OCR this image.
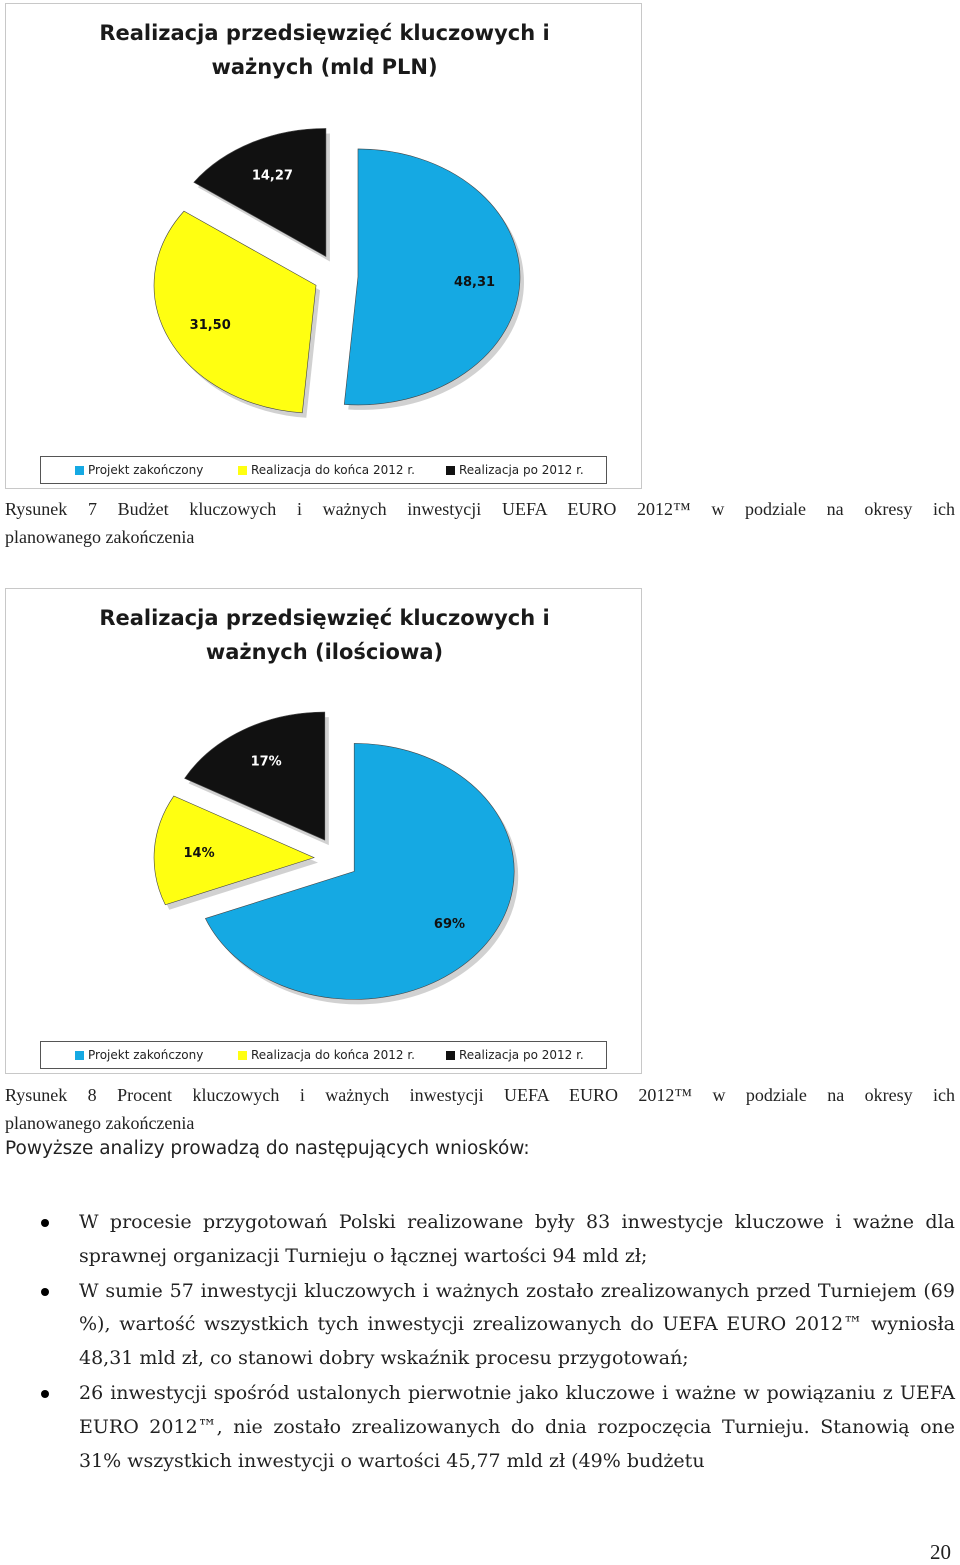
Realizacja przedsięwzięć kluczowych i
ważnych (mld PLN)
48,31
31,50
14,27
Projekt zakończony	Realizacja do końca 2012 r.	Realizacja po 2012 r.
Rysunek 7 Budżet kluczowych i ważnych inwestycji UEFA EURO 2012™ w podziale na okresy ich
planowanego zakończenia
Realizacja przedsięwzięć kluczowych i
ważnych (ilościowa)
69%
14%
17%
Projekt zakończony	Realizacja do końca 2012 r.	Realizacja po 2012 r.
Rysunek 8 Procent kluczowych i ważnych inwestycji UEFA EURO 2012™ w podziale na okresy ich
planowanego zakończenia
Powyższe analizy prowadzą do następujących wniosków:
W procesie przygotowań Polski realizowane były 83 inwestycje kluczowe i ważne dla sprawnej organizacji Turnieju o łącznej wartości 94 mld zł;
W sumie 57 inwestycji kluczowych i ważnych zostało zrealizowanych przed Turniejem (69 %), wartość wszystkich tych inwestycji zrealizowanych do UEFA EURO 2012™ wyniosła 48,31 mld zł, co stanowi dobry wskaźnik procesu przygotowań;
26 inwestycji spośród ustalonych pierwotnie jako kluczowe i ważne w powiązaniu z UEFA EURO 2012™, nie zostało zrealizowanych do dnia rozpoczęcia Turnieju. Stanowią one 31% wszystkich inwestycji o wartości 45,77 mld zł (49% budżetu
20
